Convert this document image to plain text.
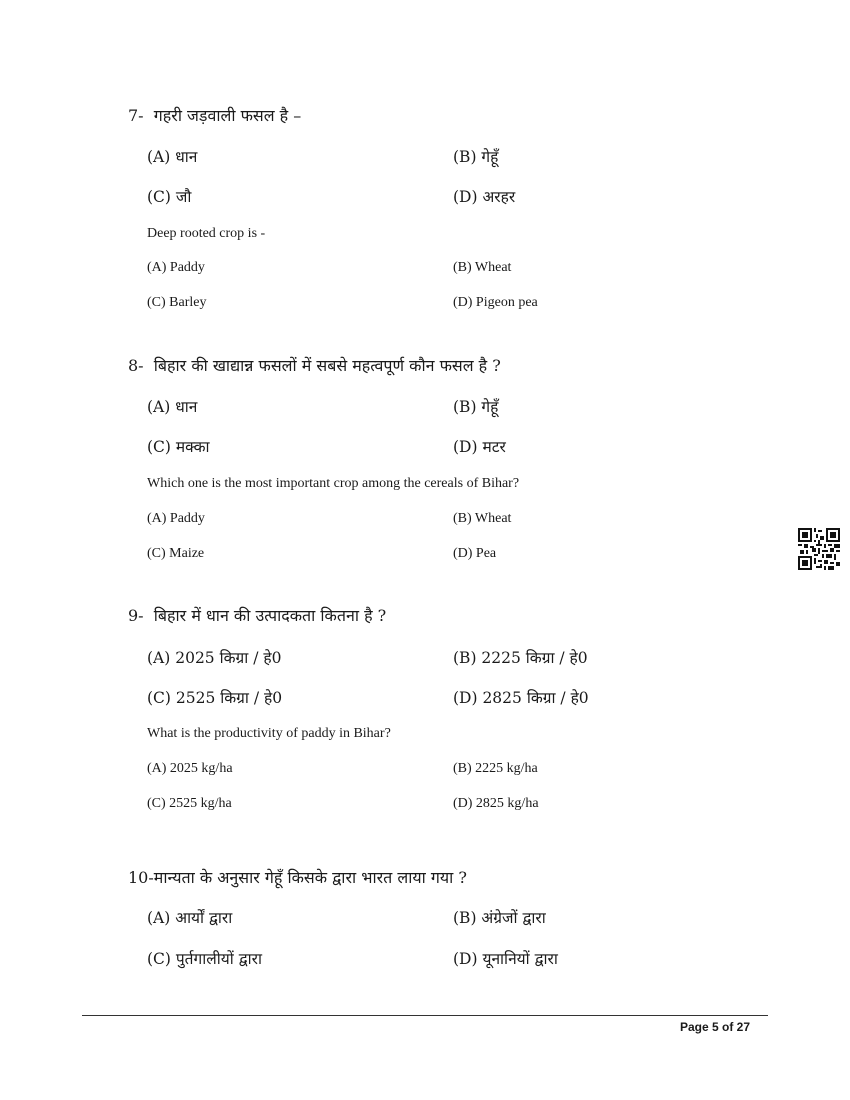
7- गहरी जड़वाली फसल है –
(A) धान	(B) गेहूँ
(C) जौ	(D) अरहर
Deep rooted crop is -
(A) Paddy	(B) Wheat
(C) Barley	(D) Pigeon pea
8- बिहार की खाद्यान्न फसलों में सबसे महत्वपूर्ण कौन फसल है ?
(A) धान	(B) गेहूँ
(C) मक्का	(D) मटर
Which one is the most important crop among the cereals of Bihar?
(A) Paddy	(B) Wheat
(C) Maize	(D) Pea
9- बिहार में धान की उत्पादकता कितना है ?
(A) 2025 किग्रा / हे0	(B) 2225 किग्रा / हे0
(C) 2525 किग्रा / हे0	(D) 2825 किग्रा / हे0
What is the productivity of paddy in Bihar?
(A) 2025 kg/ha	(B) 2225 kg/ha
(C) 2525 kg/ha	(D) 2825 kg/ha
10-मान्यता के अनुसार गेहूँ किसके द्वारा भारत लाया गया ?
(A) आर्यों द्वारा	(B) अंग्रेजों द्वारा
(C) पुर्तगालीयों द्वारा	(D) यूनानियों द्वारा
Page 5 of 27
